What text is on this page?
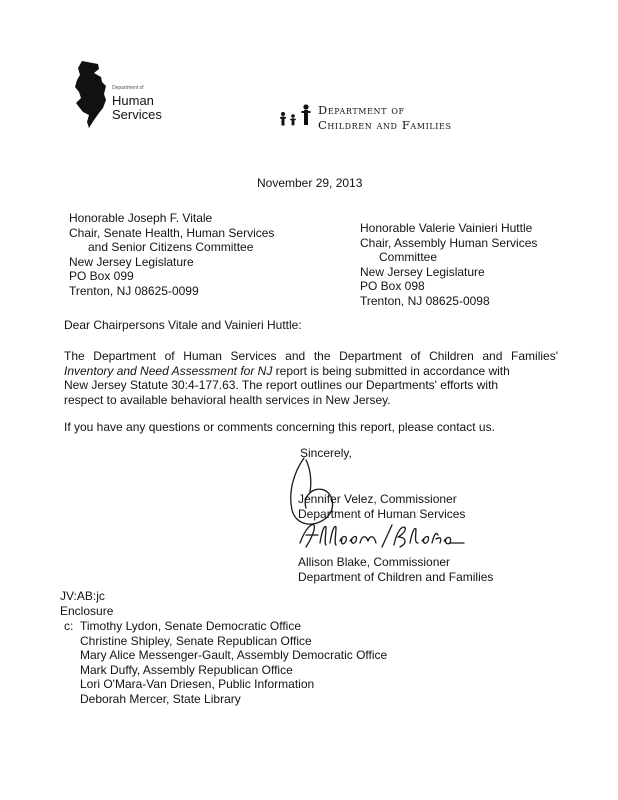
Department of
Human
Services	Department of
Children and Families
November 29, 2013
Honorable Joseph F. Vitale
Chair, Senate Health, Human Services
and Senior Citizens Committee
New Jersey Legislature
PO Box 099
Trenton, NJ 08625-0099
Honorable Valerie Vainieri Huttle
Chair, Assembly Human Services
Committee
New Jersey Legislature
PO Box 098
Trenton, NJ 08625-0098
Dear Chairpersons Vitale and Vainieri Huttle:
The Department of Human Services and the Department of Children and Families'
Inventory and Need Assessment for NJ report is being submitted in accordance with
New Jersey Statute 30:4-177.63. The report outlines our Departments' efforts with
respect to available behavioral health services in New Jersey.
If you have any questions or comments concerning this report, please contact us.
Sincerely,
Jennifer Velez, Commissioner
Department of Human Services
Allison Blake, Commissioner
Department of Children and Families
JV:AB:jc
Enclosure
c: Timothy Lydon, Senate Democratic Office
Christine Shipley, Senate Republican Office
Mary Alice Messenger-Gault, Assembly Democratic Office
Mark Duffy, Assembly Republican Office
Lori O'Mara-Van Driesen, Public Information
Deborah Mercer, State Library
